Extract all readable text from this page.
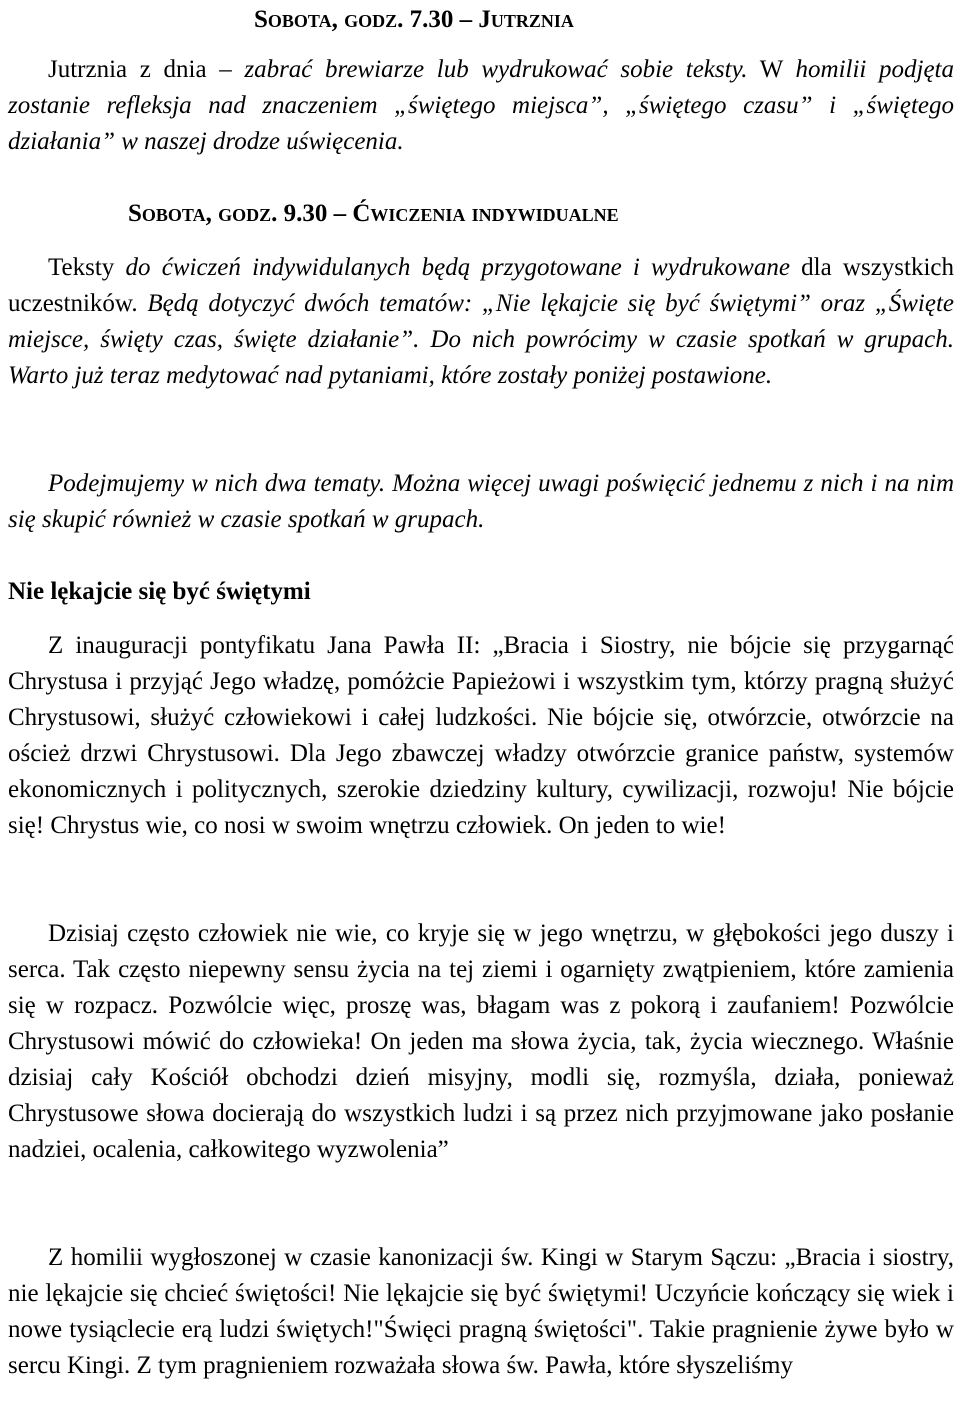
Sobota, godz. 7.30 – Jutrznia
Jutrznia z dnia – zabrać brewiarze lub wydrukować sobie teksty. W homilii podjęta zostanie refleksja nad znaczeniem „świętego miejsca”, „świętego czasu” i „świętego działania” w naszej drodze uświęcenia.
Sobota, godz. 9.30 – Ćwiczenia indywidualne
Teksty do ćwiczeń indywidulanych będą przygotowane i wydrukowane dla wszystkich uczestników. Będą dotyczyć dwóch tematów: „Nie lękajcie się być świętymi” oraz „Święte miejsce, święty czas, święte działanie”. Do nich powrócimy w czasie spotkań w grupach. Warto już teraz medytować nad pytaniami, które zostały poniżej postawione.
Podejmujemy w nich dwa tematy. Można więcej uwagi poświęcić jednemu z nich i na nim się skupić również w czasie spotkań w grupach.
Nie lękajcie się być świętymi
Z inauguracji pontyfikatu Jana Pawła II: „Bracia i Siostry, nie bójcie się przygarnąć Chrystusa i przyjąć Jego władzę, pomóżcie Papieżowi i wszystkim tym, którzy pragną służyć Chrystusowi, służyć człowiekowi i całej ludzkości. Nie bójcie się, otwórzcie, otwórzcie na oścież drzwi Chrystusowi. Dla Jego zbawczej władzy otwórzcie granice państw, systemów ekonomicznych i politycznych, szerokie dziedziny kultury, cywilizacji, rozwoju! Nie bójcie się! Chrystus wie, co nosi w swoim wnętrzu człowiek. On jeden to wie!
Dzisiaj często człowiek nie wie, co kryje się w jego wnętrzu, w głębokości jego duszy i serca. Tak często niepewny sensu życia na tej ziemi i ogarnięty zwątpieniem, które zamienia się w rozpacz. Pozwólcie więc, proszę was, błagam was z pokorą i zaufaniem! Pozwólcie Chrystusowi mówić do człowieka! On jeden ma słowa życia, tak, życia wiecznego. Właśnie dzisiaj cały Kościół obchodzi dzień misyjny, modli się, rozmyśla, działa, ponieważ Chrystusowe słowa docierają do wszystkich ludzi i są przez nich przyjmowane jako posłanie nadziei, ocalenia, całkowitego wyzwolenia”
Z homilii wygłoszonej w czasie kanonizacji św. Kingi w Starym Sączu: „Bracia i siostry, nie lękajcie się chcieć świętości! Nie lękajcie się być świętymi! Uczyńcie kończący się wiek i nowe tysiąclecie erą ludzi świętych!"Święci pragną świętości". Takie pragnienie żywe było w sercu Kingi. Z tym pragnieniem rozważała słowa św. Pawła, które słyszeliśmy
